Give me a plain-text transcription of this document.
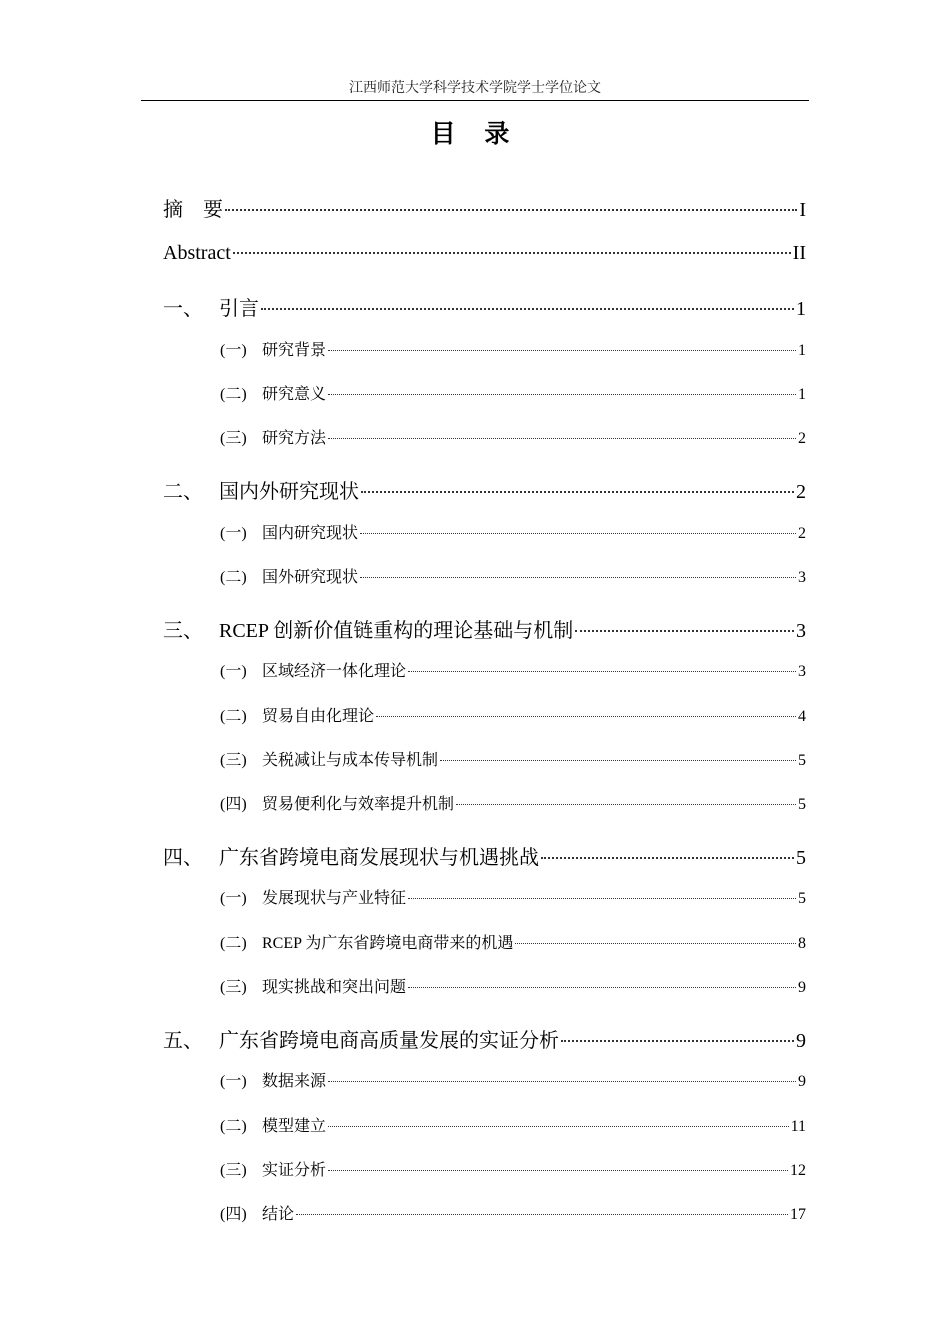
江西师范大学科学技术学院学士学位论文
目 录
摘　要	I
Abstract	II
一、 引言	1
(一) 研究背景	1
(二) 研究意义	1
(三) 研究方法	2
二、 国内外研究现状	2
(一) 国内研究现状	2
(二) 国外研究现状	3
三、 RCEP 创新价值链重构的理论基础与机制	3
(一) 区域经济一体化理论	3
(二) 贸易自由化理论	4
(三) 关税减让与成本传导机制	5
(四) 贸易便利化与效率提升机制	5
四、 广东省跨境电商发展现状与机遇挑战	5
(一) 发展现状与产业特征	5
(二) RCEP 为广东省跨境电商带来的机遇	8
(三) 现实挑战和突出问题	9
五、 广东省跨境电商高质量发展的实证分析	9
(一) 数据来源	9
(二) 模型建立	11
(三) 实证分析	12
(四) 结论	17
